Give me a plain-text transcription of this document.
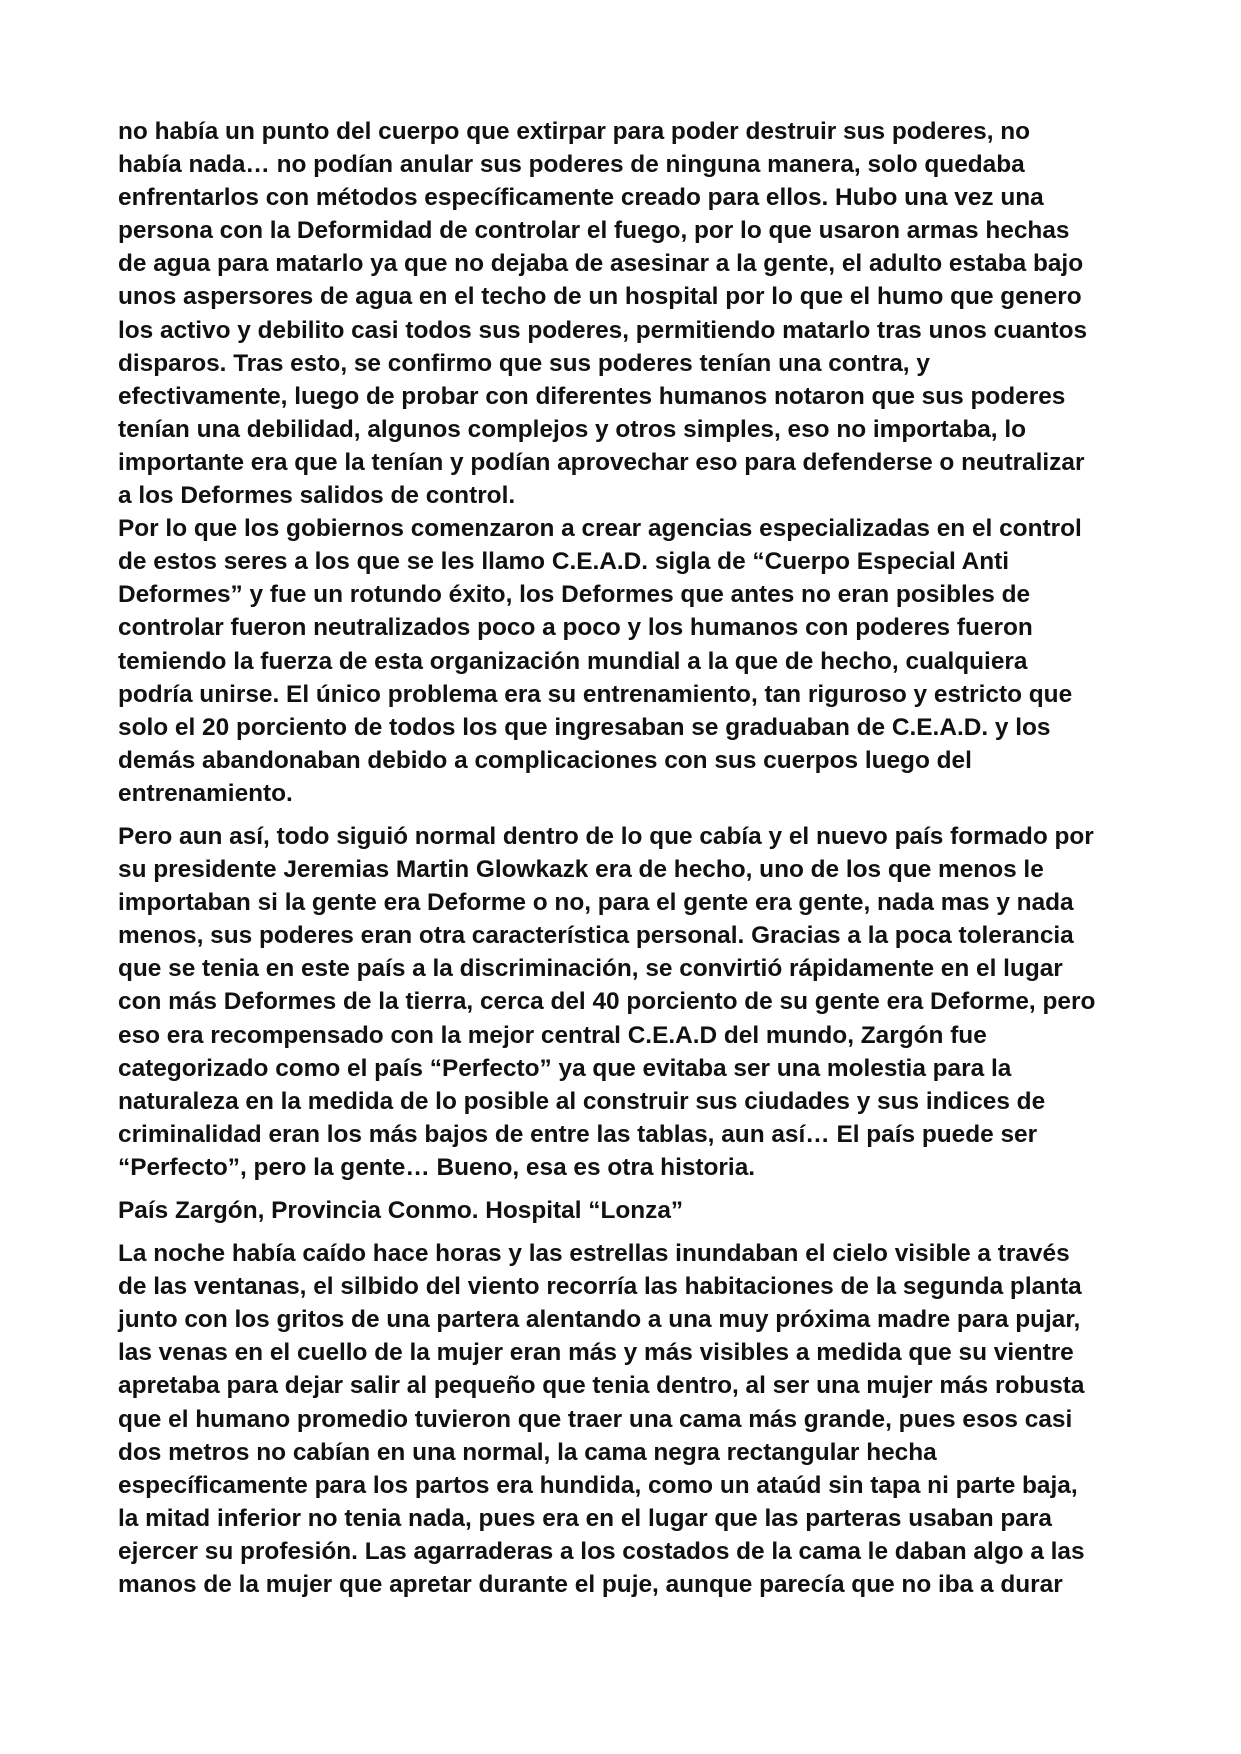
no había un punto del cuerpo que extirpar para poder destruir sus poderes, no
había nada… no podían anular sus poderes de ninguna manera, solo quedaba
enfrentarlos con métodos específicamente creado para ellos. Hubo una vez una
persona con la Deformidad de controlar el fuego, por lo que usaron armas hechas
de agua para matarlo ya que no dejaba de asesinar a la gente, el adulto estaba bajo
unos aspersores de agua en el techo de un hospital por lo que el humo que genero
los activo y debilito casi todos sus poderes, permitiendo matarlo tras unos cuantos
disparos. Tras esto, se confirmo que sus poderes tenían una contra, y
efectivamente, luego de probar con diferentes humanos notaron que sus poderes
tenían una debilidad, algunos complejos y otros simples, eso no importaba, lo
importante era que la tenían y podían aprovechar eso para defenderse o neutralizar
a los Deformes salidos de control.
Por lo que los gobiernos comenzaron a crear agencias especializadas en el control
de estos seres a los que se les llamo C.E.A.D. sigla de “Cuerpo Especial Anti
Deformes” y fue un rotundo éxito, los Deformes que antes no eran posibles de
controlar fueron neutralizados poco a poco y los humanos con poderes fueron
temiendo la fuerza de esta organización mundial a la que de hecho, cualquiera
podría unirse. El único problema era su entrenamiento, tan riguroso y estricto que
solo el 20 porciento de todos los que ingresaban se graduaban de C.E.A.D. y los
demás abandonaban debido a complicaciones con sus cuerpos luego del
entrenamiento.
Pero aun así, todo siguió normal dentro de lo que cabía y el nuevo país formado por
su presidente Jeremias Martin Glowkazk era de hecho, uno de los que menos le
importaban si la gente era Deforme o no, para el gente era gente, nada mas y nada
menos, sus poderes eran otra característica personal. Gracias a la poca tolerancia
que se tenia en este país a la discriminación, se convirtió rápidamente en el lugar
con más Deformes de la tierra, cerca del 40 porciento de su gente era Deforme, pero
eso era recompensado con la mejor central C.E.A.D del mundo, Zargón fue
categorizado como el país “Perfecto” ya que evitaba ser una molestia para la
naturaleza en la medida de lo posible al construir sus ciudades y sus indices de
criminalidad eran los más bajos de entre las tablas, aun así… El país puede ser
“Perfecto”, pero la gente… Bueno, esa es otra historia.
País Zargón, Provincia Conmo. Hospital “Lonza”
La noche había caído hace horas y las estrellas inundaban el cielo visible a través
de las ventanas, el silbido del viento recorría las habitaciones de la segunda planta
junto con los gritos de una partera alentando a una muy próxima madre para pujar,
las venas en el cuello de la mujer eran más y más visibles a medida que su vientre
apretaba para dejar salir al pequeño que tenia dentro, al ser una mujer más robusta
que el humano promedio tuvieron que traer una cama más grande, pues esos casi
dos metros no cabían en una normal, la cama negra rectangular hecha
específicamente para los partos era hundida, como un ataúd sin tapa ni parte baja,
la mitad inferior no tenia nada, pues era en el lugar que las parteras usaban para
ejercer su profesión. Las agarraderas a los costados de la cama le daban algo a las
manos de la mujer que apretar durante el puje, aunque parecía que no iba a durar
